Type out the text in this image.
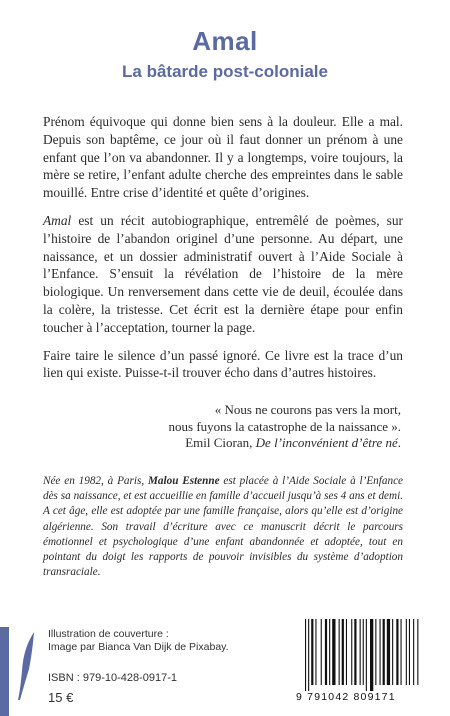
Amal
La bâtarde post-coloniale

Prénom équivoque qui donne bien sens à la douleur. Elle a mal. Depuis son baptême, ce jour où il faut donner un prénom à une enfant que l’on va abandonner. Il y a longtemps, voire toujours, la mère se retire, l’enfant adulte cherche des empreintes dans le sable mouillé. Entre crise d’identité et quête d’origines.

Amal est un récit autobiographique, entremêlé de poèmes, sur l’histoire de l’abandon originel d’une personne. Au départ, une naissance, et un dossier administratif ouvert à l’Aide Sociale à l’Enfance. S’ensuit la révélation de l’histoire de la mère biologique. Un renversement dans cette vie de deuil, écoulée dans la colère, la tristesse. Cet écrit est la dernière étape pour enfin toucher à l’acceptation, tourner la page.

Faire taire le silence d’un passé ignoré. Ce livre est la trace d’un lien qui existe. Puisse-t-il trouver écho dans d’autres histoires.

« Nous ne courons pas vers la mort,
nous fuyons la catastrophe de la naissance ».
Emil Cioran, De l’inconvénient d’être né.
Née en 1982, à Paris, Malou Estenne est placée à l’Aide Sociale à l’Enfance dès sa naissance, et est accueillie en famille d’accueil jusqu’à ses 4 ans et demi. A cet âge, elle est adoptée par une famille française, alors qu’elle est d’origine algérienne. Son travail d’écriture avec ce manuscrit décrit le parcours émotionnel et psychologique d’une enfant abandonnée et adoptée, tout en pointant du doigt les rapports de pouvoir invisibles du système d’adoption transraciale.
Illustration de couverture :
Image par Bianca Van Dijk de Pixabay.
ISBN : 979-10-428-0917-1
15 €	9 791042 809171
